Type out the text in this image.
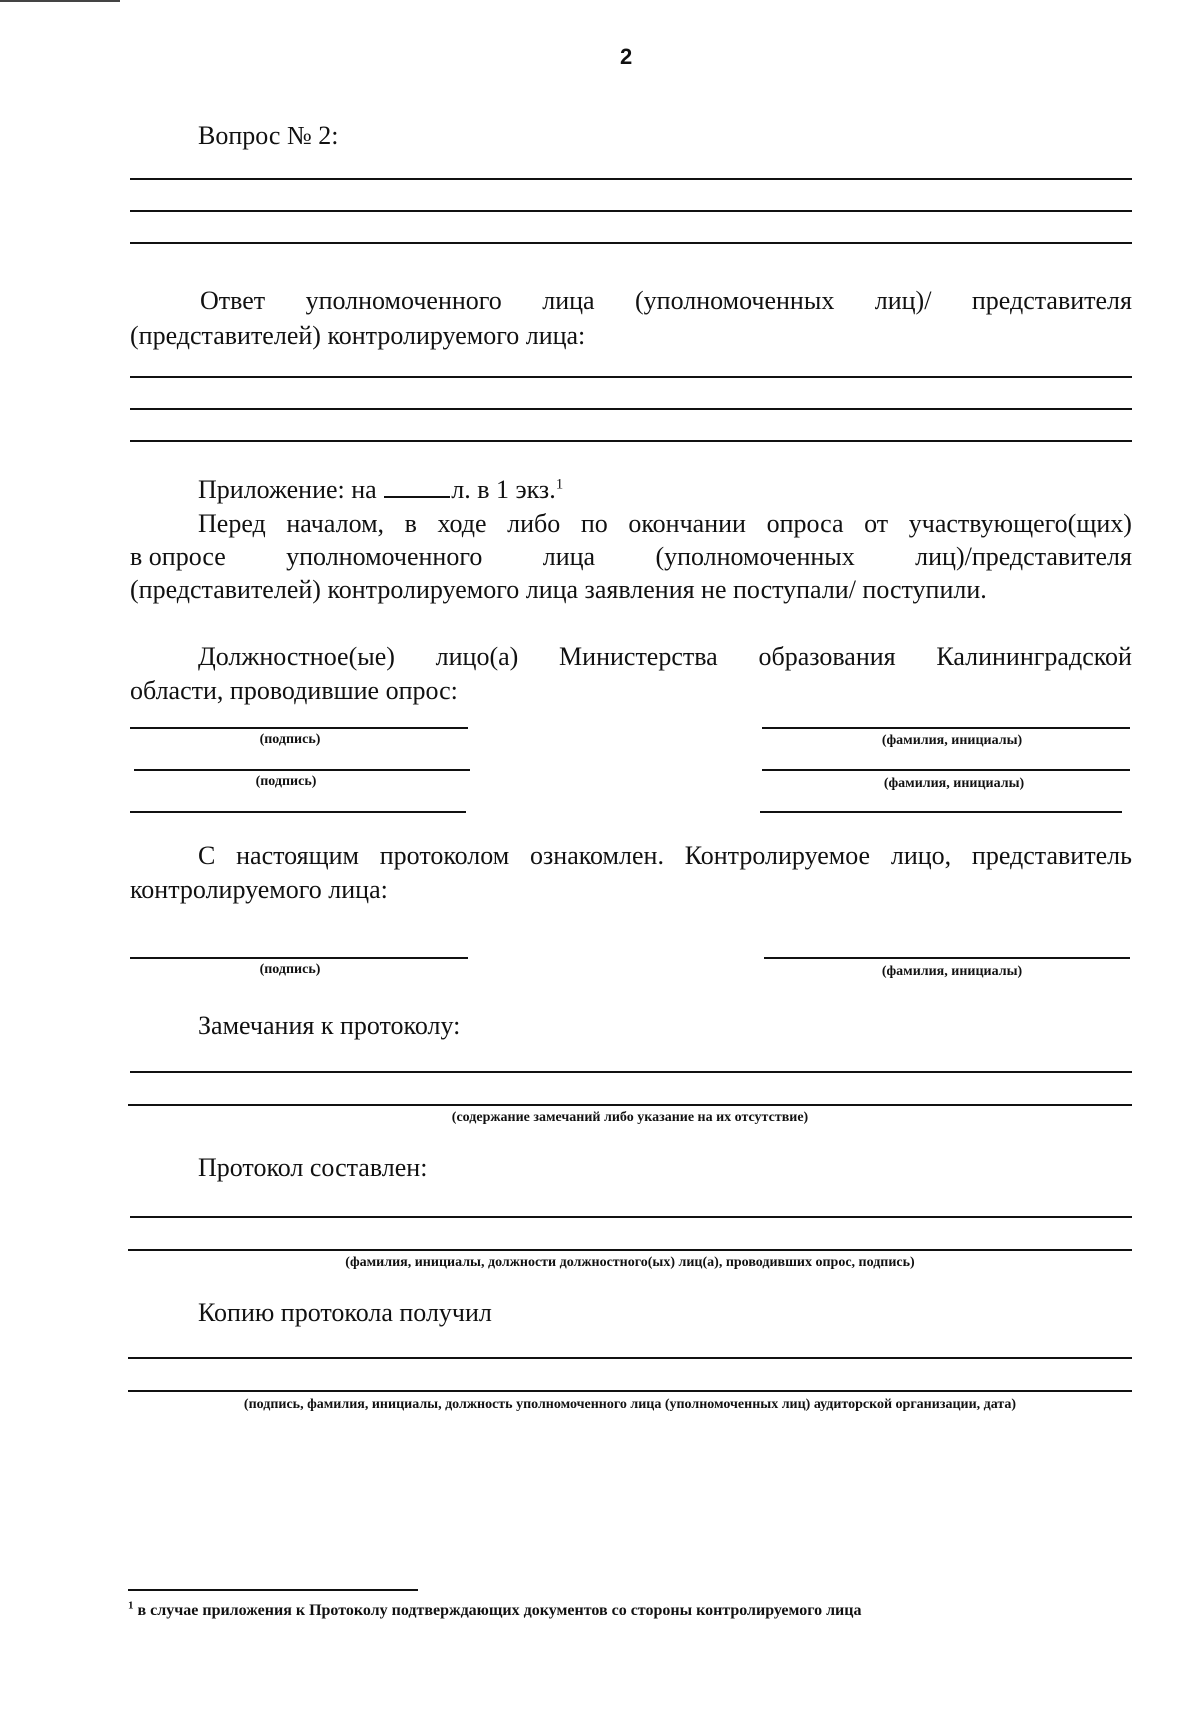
2
Вопрос № 2:
Ответ уполномоченного лица (уполномоченных лиц)/ представителя
(представителей) контролируемого лица:
Приложение: на	л. в 1 экз.$^1$
Перед началом, в ходе либо по окончании опроса от участвующего(щих)
в опросе уполномоченного лица (уполномоченных лиц)/представителя
(представителей) контролируемого лица заявления не поступали/ поступили.
Должностное(ые) лицо(а) Министерства образования Калининградской
области, проводившие опрос:
(подпись)	(фамилия, инициалы)
(подпись)	(фамилия, инициалы)
С настоящим протоколом ознакомлен. Контролируемое лицо, представитель
контролируемого лица:
(подпись)	(фамилия, инициалы)
Замечания к протоколу:
(содержание замечаний либо указание на их отсутствие)
Протокол составлен:
(фамилия, инициалы, должности должностного(ых) лиц(а), проводивших опрос, подпись)
Копию протокола получил
(подпись, фамилия, инициалы, должность уполномоченного лица (уполномоченных лиц) аудиторской организации, дата)
$^1$ в случае приложения к Протоколу подтверждающих документов со стороны контролируемого лица
